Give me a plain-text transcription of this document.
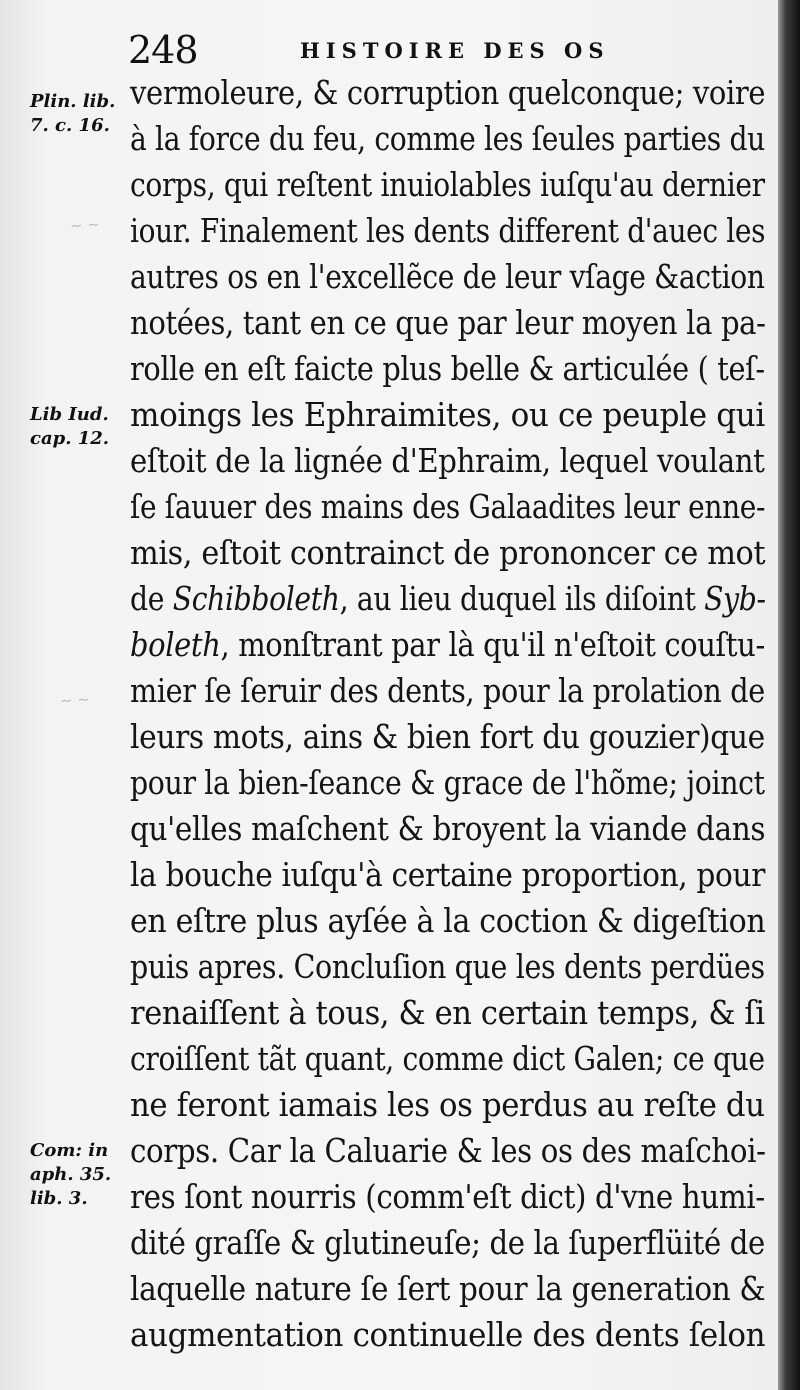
~ ~
~ ~
248	HISTOIRE DES OS
Plin. lib.
7. c. 16.
Lib Iud.
cap. 12.
Com: in
aph. 35.
lib. 3.
vermoleure, & corruption quelconque; voire
à la force du feu, comme les ſeules parties du
corps, qui reſtent inuiolables iuſqu'au dernier
iour. Finalement les dents different d'auec les
autres os en l'excellẽce de leur vſage &action
notées, tant en ce que par leur moyen la pa-
rolle en eſt faicte plus belle & articulée ( teſ-
moings les Ephraimites, ou ce peuple qui
eſtoit de la lignée d'Ephraim, lequel voulant
ſe ſauuer des mains des Galaadites leur enne-
mis, eſtoit contrainct de prononcer ce mot
de Schibboleth, au lieu duquel ils diſoint Syb-
boleth, monſtrant par là qu'il n'eſtoit couſtu-
mier ſe ſeruir des dents, pour la prolation de
leurs mots, ains & bien fort du gouzier)que
pour la bien-ſeance & grace de l'hõme; joinct
qu'elles maſchent & broyent la viande dans
la bouche iuſqu'à certaine proportion, pour
en eſtre plus ayſée à la coction & digeſtion
puis apres. Concluſion que les dents perdües
renaiſſent à tous, & en certain temps, & ſi
croiſſent tãt quant, comme dict Galen; ce que
ne feront iamais les os perdus au reſte du
corps. Car la Caluarie & les os des maſchoi-
res ſont nourris (comm'eſt dict) d'vne humi-
dité graſſe & glutineuſe; de la ſuperflüité de
laquelle nature ſe ſert pour la generation &
augmentation continuelle des dents ſelon
